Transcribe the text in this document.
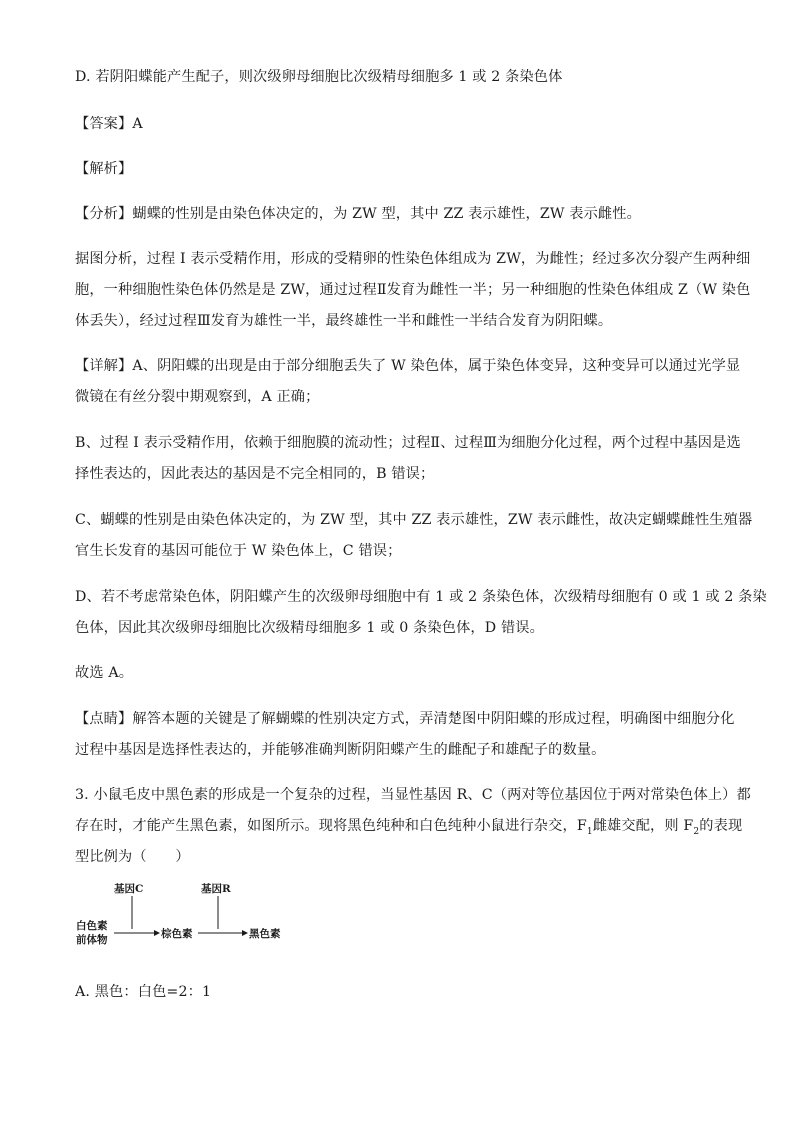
D. 若阴阳蝶能产生配子，则次级卵母细胞比次级精母细胞多 1 或 2 条染色体
【答案】A
【解析】
【分析】蝴蝶的性别是由染色体决定的，为 ZW 型，其中 ZZ 表示雄性，ZW 表示雌性。
据图分析，过程 I 表示受精作用，形成的受精卵的性染色体组成为 ZW，为雌性；经过多次分裂产生两种细
胞，一种细胞性染色体仍然是是 ZW，通过过程Ⅱ发育为雌性一半；另一种细胞的性染色体组成 Z（W 染色
体丢失），经过过程Ⅲ发育为雄性一半，最终雄性一半和雌性一半结合发育为阴阳蝶。
【详解】A、阴阳蝶的出现是由于部分细胞丢失了 W 染色体，属于染色体变异，这种变异可以通过光学显
微镜在有丝分裂中期观察到，A 正确；
B、过程 I 表示受精作用，依赖于细胞膜的流动性；过程Ⅱ、过程Ⅲ为细胞分化过程，两个过程中基因是选
择性表达的，因此表达的基因是不完全相同的，B 错误；
C、蝴蝶的性别是由染色体决定的，为 ZW 型，其中 ZZ 表示雄性，ZW 表示雌性，故决定蝴蝶雌性生殖器
官生长发育的基因可能位于 W 染色体上，C 错误；
D、若不考虑常染色体，阴阳蝶产生的次级卵母细胞中有 1 或 2 条染色体，次级精母细胞有 0 或 1 或 2 条染
色体，因此其次级卵母细胞比次级精母细胞多 1 或 0 条染色体，D 错误。
故选 A。
【点睛】解答本题的关键是了解蝴蝶的性别决定方式，弄清楚图中阴阳蝶的形成过程，明确图中细胞分化
过程中基因是选择性表达的，并能够准确判断阴阳蝶产生的雌配子和雄配子的数量。
3. 小鼠毛皮中黑色素的形成是一个复杂的过程，当显性基因 R、C（两对等位基因位于两对常染色体上）都
存在时，才能产生黑色素，如图所示。现将黑色纯种和白色纯种小鼠进行杂交，$F_1$雌雄交配，则 $F_2$的表现
型比例为（　　）
基因C	基因R
白色素
前体物	棕色素	黑色素
A. 黑色：白色=2：1
